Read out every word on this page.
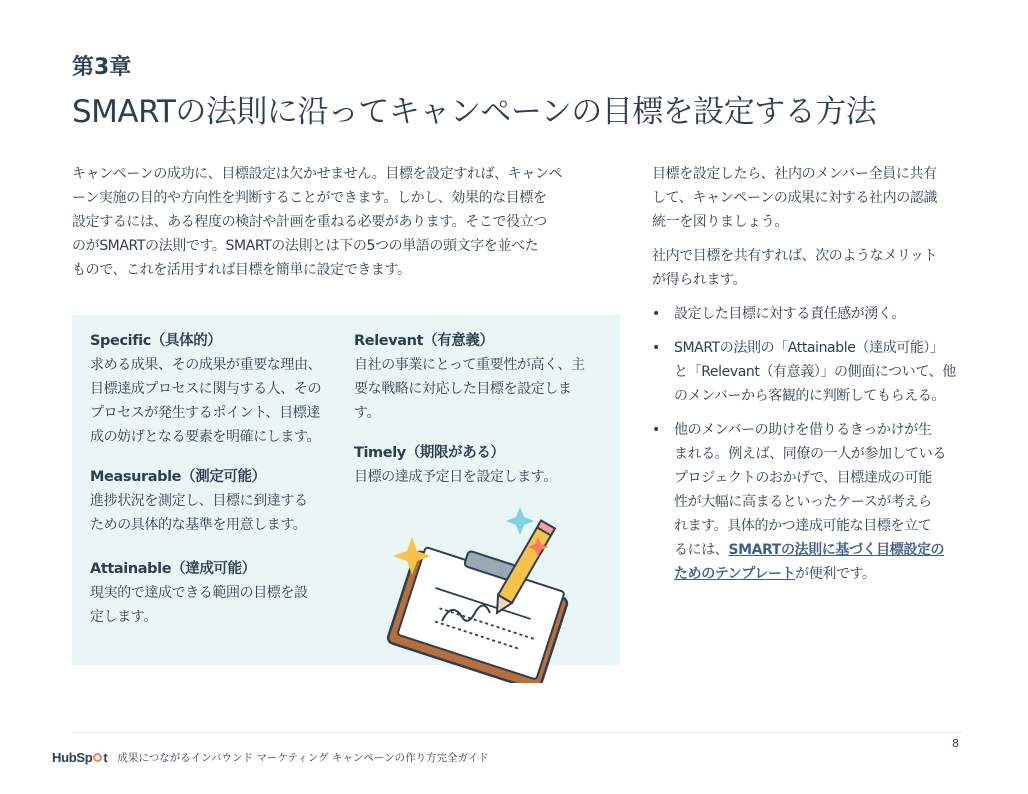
第3章
SMARTの法則に沿ってキャンペーンの目標を設定する方法
キャンペーンの成功に、目標設定は欠かせません。目標を設定すれば、キャンペ
ーン実施の目的や方向性を判断することができます。しかし、効果的な目標を
設定するには、ある程度の検討や計画を重ねる必要があります。そこで役立つ
のがSMARTの法則です。SMARTの法則とは下の5つの単語の頭文字を並べた
もので、これを活用すれば目標を簡単に設定できます。
Specific（具体的）

求める成果、その成果が重要な理由、

目標達成プロセスに関与する人、その

プロセスが発生するポイント、目標達

成の妨げとなる要素を明確にします。

Measurable（測定可能）

進捗状況を測定し、目標に到達する

ための具体的な基準を用意します。

Attainable（達成可能）

現実的で達成できる範囲の目標を設

定します。

Relevant（有意義）

自社の事業にとって重要性が高く、主

要な戦略に対応した目標を設定しま

す。

Timely（期限がある）

目標の達成予定日を設定します。

目標を設定したら、社内のメンバー全員に共有
して、キャンペーンの成果に対する社内の認識
統一を図りましょう。

社内で目標を共有すれば、次のようなメリット
が得られます。

• 設定した目標に対する責任感が湧く。
• SMARTの法則の「Attainable（達成可能）」
と「Relevant（有意義）」の側面について、他
のメンバーから客観的に判断してもらえる。
• 他のメンバーの助けを借りるきっかけが生
まれる。例えば、同僚の一人が参加している
プロジェクトのおかげで、目標達成の可能
性が大幅に高まるといったケースが考えら
れます。具体的かつ達成可能な目標を立て
るには、SMARTの法則に基づく目標設定の
ためのテンプレートが便利です。
8
HubSp t 成果につながるインバウンド マーケティング キャンペーンの作り方完全ガイド
